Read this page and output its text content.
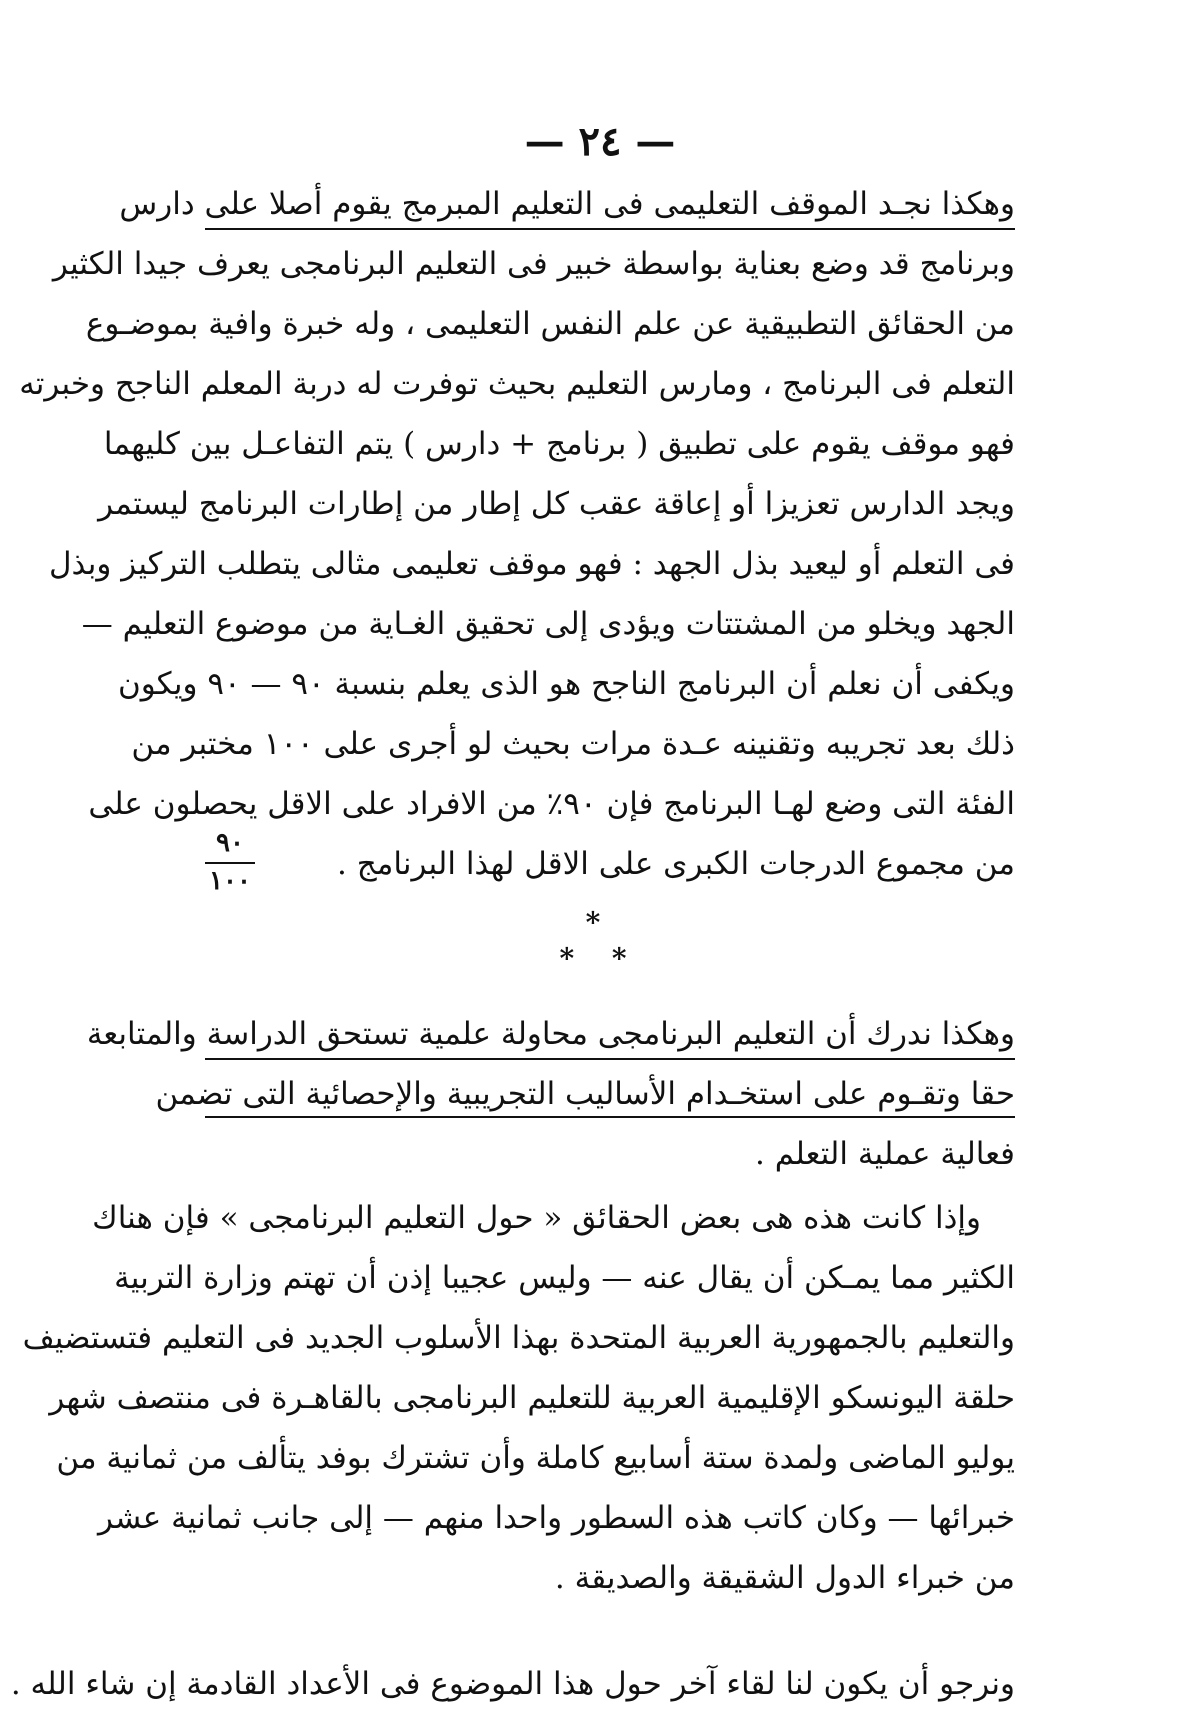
— ٢٤ —
وهكذا نجـد الموقف التعليمى فى التعليم المبرمج يقوم أصلا على دارس
وبرنامج قد وضع بعناية بواسطة خبير فى التعليم البرنامجى يعرف جيدا الكثير
من الحقائق التطبيقية عن علم النفس التعليمى ، وله خبرة وافية بموضـوع
التعلم فى البرنامج ، ومارس التعليم بحيث توفرت له دربة المعلم الناجح وخبرته
فهو موقف يقوم على تطبيق ( برنامج + دارس ) يتم التفاعـل بين كليهما
ويجد الدارس تعزيزا أو إعاقة عقب كل إطار من إطارات البرنامج ليستمر
فى التعلم أو ليعيد بذل الجهد : فهو موقف تعليمى مثالى يتطلب التركيز وبذل
الجهد ويخلو من المشتتات ويؤدى إلى تحقيق الغـاية من موضوع التعليم —
ويكفى أن نعلم أن البرنامج الناجح هو الذى يعلم بنسبة ٩٠ — ٩٠ ويكون
ذلك بعد تجريبه وتقنينه عـدة مرات بحيث لو أجرى على ١٠٠ مختبر من
الفئة التى وضع لهـا البرنامج فإن ٩٠٪ من الافراد على الاقل يحصلون على
من مجموع الدرجات الكبرى على الاقل لهذا البرنامج .
٩٠
١٠٠
*
* *
وهكذا ندرك أن التعليم البرنامجى محاولة علمية تستحق الدراسة والمتابعة
حقا وتقـوم على استخـدام الأساليب التجريبية والإحصائية التى تضمن
فعالية عملية التعلم .
وإذا كانت هذه هى بعض الحقائق « حول التعليم البرنامجى » فإن هناك
الكثير مما يمـكن أن يقال عنه — وليس عجيبا إذن أن تهتم وزارة التربية
والتعليم بالجمهورية العربية المتحدة بهذا الأسلوب الجديد فى التعليم فتستضيف
حلقة اليونسكو الإقليمية العربية للتعليم البرنامجى بالقاهـرة فى منتصف شهر
يوليو الماضى ولمدة ستة أسابيع كاملة وأن تشترك بوفد يتألف من ثمانية من
خبرائها — وكان كاتب هذه السطور واحدا منهم — إلى جانب ثمانية عشر
من خبراء الدول الشقيقة والصديقة .
ونرجو أن يكون لنا لقاء آخر حول هذا الموضوع فى الأعداد القادمة إن شاء الله .
